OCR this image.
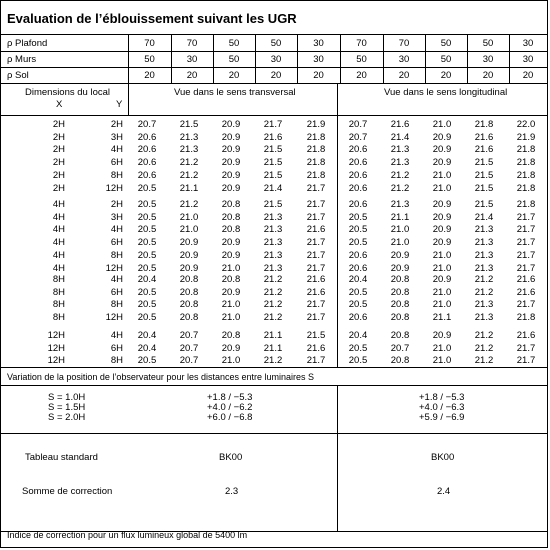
Evaluation de l’éblouissement suivant les UGR
ρ Plafond	70	70	50	50	30	70	70	50	50	30
ρ Murs	50	30	50	30	30	50	30	50	30	30
ρ Sol	20	20	20	20	20	20	20	20	20	20
Dimensions du local
X	Y
Vue dans le sens transversal	Vue dans le sens longitudinal
2H	2H	20.7	21.5	20.9	21.7	21.9	20.7	21.6	21.0	21.8	22.0
2H	3H	20.6	21.3	20.9	21.6	21.8	20.7	21.4	20.9	21.6	21.9
2H	4H	20.6	21.3	20.9	21.5	21.8	20.6	21.3	20.9	21.6	21.8
2H	6H	20.6	21.2	20.9	21.5	21.8	20.6	21.3	20.9	21.5	21.8
2H	8H	20.6	21.2	20.9	21.5	21.8	20.6	21.2	21.0	21.5	21.8
2H	12H	20.5	21.1	20.9	21.4	21.7	20.6	21.2	21.0	21.5	21.8
4H	2H	20.5	21.2	20.8	21.5	21.7	20.6	21.3	20.9	21.5	21.8
4H	3H	20.5	21.0	20.8	21.3	21.7	20.5	21.1	20.9	21.4	21.7
4H	4H	20.5	21.0	20.8	21.3	21.6	20.5	21.0	20.9	21.3	21.7
4H	6H	20.5	20.9	20.9	21.3	21.7	20.5	21.0	20.9	21.3	21.7
4H	8H	20.5	20.9	20.9	21.3	21.7	20.6	20.9	21.0	21.3	21.7
4H	12H	20.5	20.9	21.0	21.3	21.7	20.6	20.9	21.0	21.3	21.7
8H	4H	20.4	20.8	20.8	21.2	21.6	20.4	20.8	20.9	21.2	21.6
8H	6H	20.5	20.8	20.9	21.2	21.6	20.5	20.8	21.0	21.2	21.6
8H	8H	20.5	20.8	21.0	21.2	21.7	20.5	20.8	21.0	21.3	21.7
8H	12H	20.5	20.8	21.0	21.2	21.7	20.6	20.8	21.1	21.3	21.8
12H	4H	20.4	20.7	20.8	21.1	21.5	20.4	20.8	20.9	21.2	21.6
12H	6H	20.4	20.7	20.9	21.1	21.6	20.5	20.7	21.0	21.2	21.7
12H	8H	20.5	20.7	21.0	21.2	21.7	20.5	20.8	21.0	21.2	21.7
Variation de la position de l’observateur pour les distances entre luminaires S
S = 1.0H	+1.8 / −5.3	+1.8 / −5.3
S = 1.5H	+4.0 / −6.2	+4.0 / −6.3
S = 2.0H	+6.0 / −6.8	+5.9 / −6.9
Tableau standard	BK00	BK00
Somme de correction	2.3	2.4
Indice de correction pour un flux lumineux global de 5400 lm
